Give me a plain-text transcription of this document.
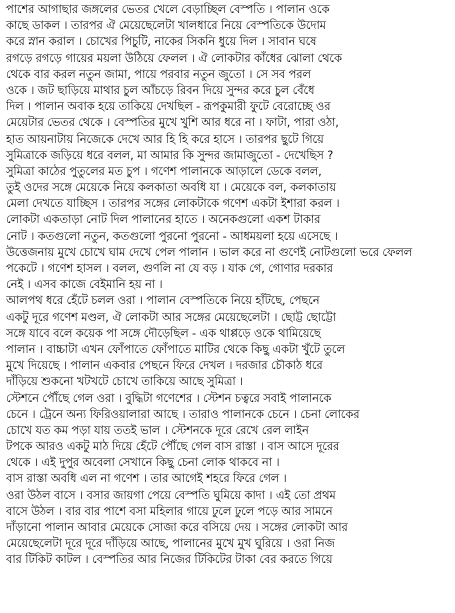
পাশের আগাছার জঙ্গলের ভেতর খেলে বেড়াচ্ছিল বেস্পতি । পালান ওকে
কাছে ডাকল । তারপর ঐ মেয়েছেলেটা খালধারে নিয়ে বেস্পতিকে উদোম
করে স্নান করাল । চোখের পিচুটি, নাকের সিকনি ধুয়ে দিল । সাবান ঘষে
রগড়ে রগড়ে গায়ের ময়লা উঠিয়ে ফেলল । ঐ লোকটার কাঁধের ঝোলা থেকে
থেকে বার করল নতুন জামা, পায়ে পরবার নতুন জুতো । সে সব পরল
ওকে । জট ছাড়িয়ে মাথার চুল আঁচড়ে রিবন দিয়ে সুন্দর করে চুল বেঁধে
দিল । পালান অবাক হয়ে তাকিয়ে দেখছিল - রূপকুমারী ফুটে বেরোচ্ছে ওর
মেয়েটার ভেতর থেকে । বেস্পতির মুখে খুশি আর ধরে না । ফাটা, পারা ওঠা,
হাত আয়নাটায় নিজেকে দেখে আর হি হি করে হাসে । তারপর ছুটে গিয়ে
সুমিত্রাকে জড়িয়ে ধরে বলল, মা আমার কি সুন্দর জামাজুতো - দেখেছিস ?
সুমিত্রা কাঠের পুতুলের মত চুপ । গণেশ পালানকে আড়ালে ডেকে বলল,
তুই ওদের সঙ্গে মেয়েকে নিয়ে কলকাতা অবধি যা । মেয়েকে বল, কলকাতায়
মেলা দেখতে যাচ্ছিস । তারপর সঙ্গের লোকটাকে গণেশ একটা ইশারা করল ।
লোকটা একতাড়া নোট দিল পালানের হাতে । অনেকগুলো একশ টাকার
নোট । কতগুলো নতুন, কতগুলো পুরনো পুরনো - আধময়লা হয়ে এসেছে ।
উত্তেজনায় মুখে চোখে ঘাম দেখে পেল পালান । ভাল করে না গুণেই নোটগুলো ভরে ফেলল
পকেটে । গণেশ হাসল । বলল, গুণলি না যে বড় । যাক গে, গোণার দরকার
নেই । এসব কাজে বেইমানি হয় না ।
আলপথ ধরে হেঁটে চলল ওরা । পালান বেস্পতিকে নিয়ে হাঁটছে, পেছনে
একটু দূরে গণেশ মণ্ডল, ঐ লোকটা আর সঙ্গের মেয়েছেলেটা । ছোট্ট ছোট্টো
সঙ্গে যাবে বলে কয়েক পা সঙ্গে দৌড়েছিল - এক থাপ্পড়ে ওকে থামিয়েছে
পালান । বাচ্চাটা এখন ফোঁপাতে ফোঁপাতে মাটির থেকে কিছু একটা খুঁটে তুলে
মুখে দিয়েছে । পালান একবার পেছনে ফিরে দেখল । দরজার চৌকাঠ ধরে
দাঁড়িয়ে শুকনো খটখটে চোখে তাকিয়ে আছে সুমিত্রা ।
স্টেশনে পৌঁছে গেল ওরা । বুদ্ধিটা গণেশের । স্টেশন চত্বরে সবাই পালানকে
চেনে । ট্রেনে অন্য ফিরিওয়ালারা আছে । তারাও পালানকে চেনে । চেনা লোকের
চোখে যত কম পড়া যায় ততই ভাল । স্টেশনকে দূরে রেখে রেল লাইন
টপকে আরও একটু মাঠ দিয়ে হেঁটে পৌঁছে গেল বাস রাস্তা । বাস আসে দূরের
থেকে । এই দুপুর অবেলা সেখানে কিছু চেনা লোক থাকবে না ।
বাস রাস্তা অবধি এল না গণেশ । তার আগেই শহরে ফিরে গেল ।
ওরা উঠল বাসে । বসার জায়গা পেয়ে বেস্পতি ঘুমিয়ে কাদা । এই তো প্রথম
বাসে উঠল । বার বার পাশে বসা মহিলার গায়ে ঢুলে ঢুলে পড়ে আর সামনে
দাঁড়ানো পালান আবার মেয়েকে সোজা করে বসিয়ে দেয় । সঙ্গের লোকটা আর
মেয়েছেলেটা দূরে দূরে দাঁড়িয়ে আছে, পালানের মুখে মুখ ঘুরিয়ে । ওরা নিজ
বার টিকিট কাটল । বেস্পতির আর নিজের টিকিটের টাকা বের করতে গিয়ে
